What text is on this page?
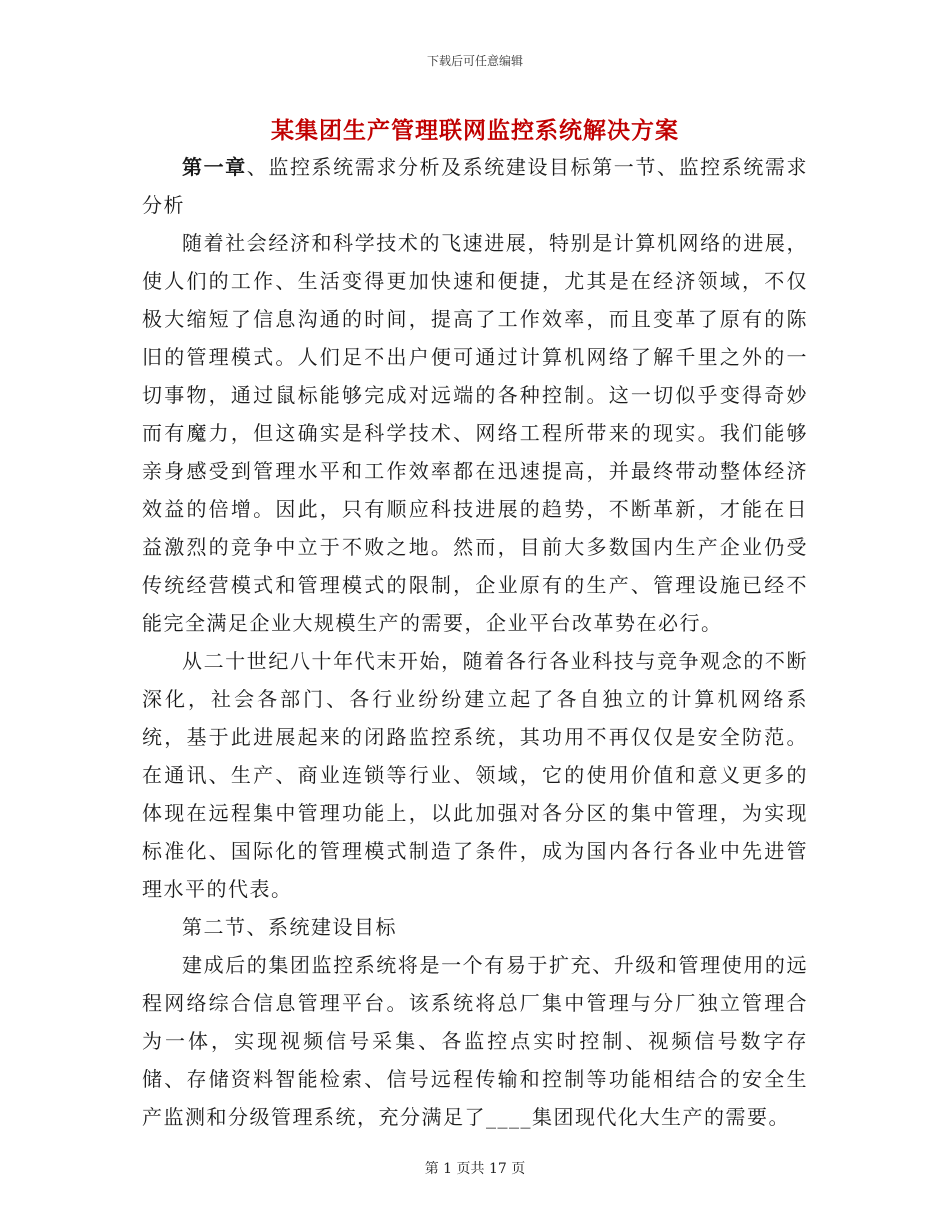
下载后可任意编辑
某集团生产管理联网监控系统解决方案

第一章、监控系统需求分析及系统建设目标第一节、监控系统需求分析

随着社会经济和科学技术的飞速进展，特别是计算机网络的进展，使人们的工作、生活变得更加快速和便捷，尤其是在经济领域，不仅极大缩短了信息沟通的时间，提高了工作效率，而且变革了原有的陈旧的管理模式。人们足不出户便可通过计算机网络了解千里之外的一切事物，通过鼠标能够完成对远端的各种控制。这一切似乎变得奇妙而有魔力，但这确实是科学技术、网络工程所带来的现实。我们能够亲身感受到管理水平和工作效率都在迅速提高，并最终带动整体经济效益的倍增。因此，只有顺应科技进展的趋势，不断革新，才能在日益激烈的竞争中立于不败之地。然而，目前大多数国内生产企业仍受传统经营模式和管理模式的限制，企业原有的生产、管理设施已经不能完全满足企业大规模生产的需要，企业平台改革势在必行。

从二十世纪八十年代末开始，随着各行各业科技与竞争观念的不断深化，社会各部门、各行业纷纷建立起了各自独立的计算机网络系统，基于此进展起来的闭路监控系统，其功用不再仅仅是安全防范。在通讯、生产、商业连锁等行业、领域，它的使用价值和意义更多的体现在远程集中管理功能上，以此加强对各分区的集中管理，为实现标准化、国际化的管理模式制造了条件，成为国内各行各业中先进管理水平的代表。

第二节、系统建设目标

建成后的集团监控系统将是一个有易于扩充、升级和管理使用的远程网络综合信息管理平台。该系统将总厂集中管理与分厂独立管理合为一体，实现视频信号采集、各监控点实时控制、视频信号数字存储、存储资料智能检索、信号远程传输和控制等功能相结合的安全生产监测和分级管理系统，充分满足了____集团现代化大生产的需要。

第 1 页共 17 页
